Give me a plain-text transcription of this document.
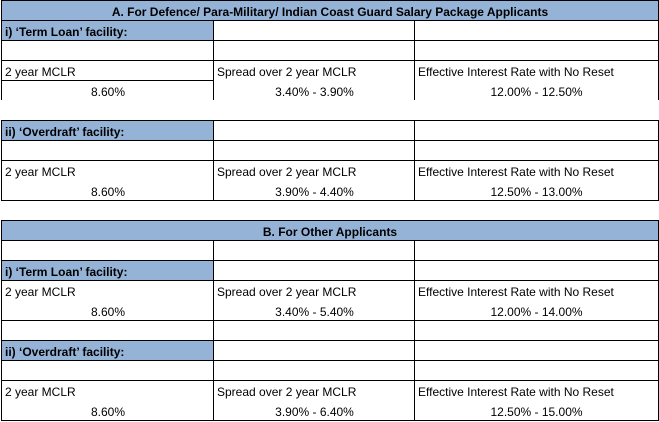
A. For Defence/ Para-Military/ Indian Coast Guard Salary Package Applicants
i) ‘Term Loan’ facility:
2 year MCLR
8.60%
Spread over 2 year MCLR
3.40% - 3.90%
Effective Interest Rate with No Reset
12.00% - 12.50%
ii) ‘Overdraft’ facility:
2 year MCLR
8.60%
Spread over 2 year MCLR
3.90% - 4.40%
Effective Interest Rate with No Reset
12.50% - 13.00%
B. For Other Applicants
i) ‘Term Loan’ facility:
2 year MCLR
8.60%
Spread over 2 year MCLR
3.40% - 5.40%
Effective Interest Rate with No Reset
12.00% - 14.00%
ii) ‘Overdraft’ facility:
2 year MCLR
8.60%
Spread over 2 year MCLR
3.90% - 6.40%
Effective Interest Rate with No Reset
12.50% - 15.00%
